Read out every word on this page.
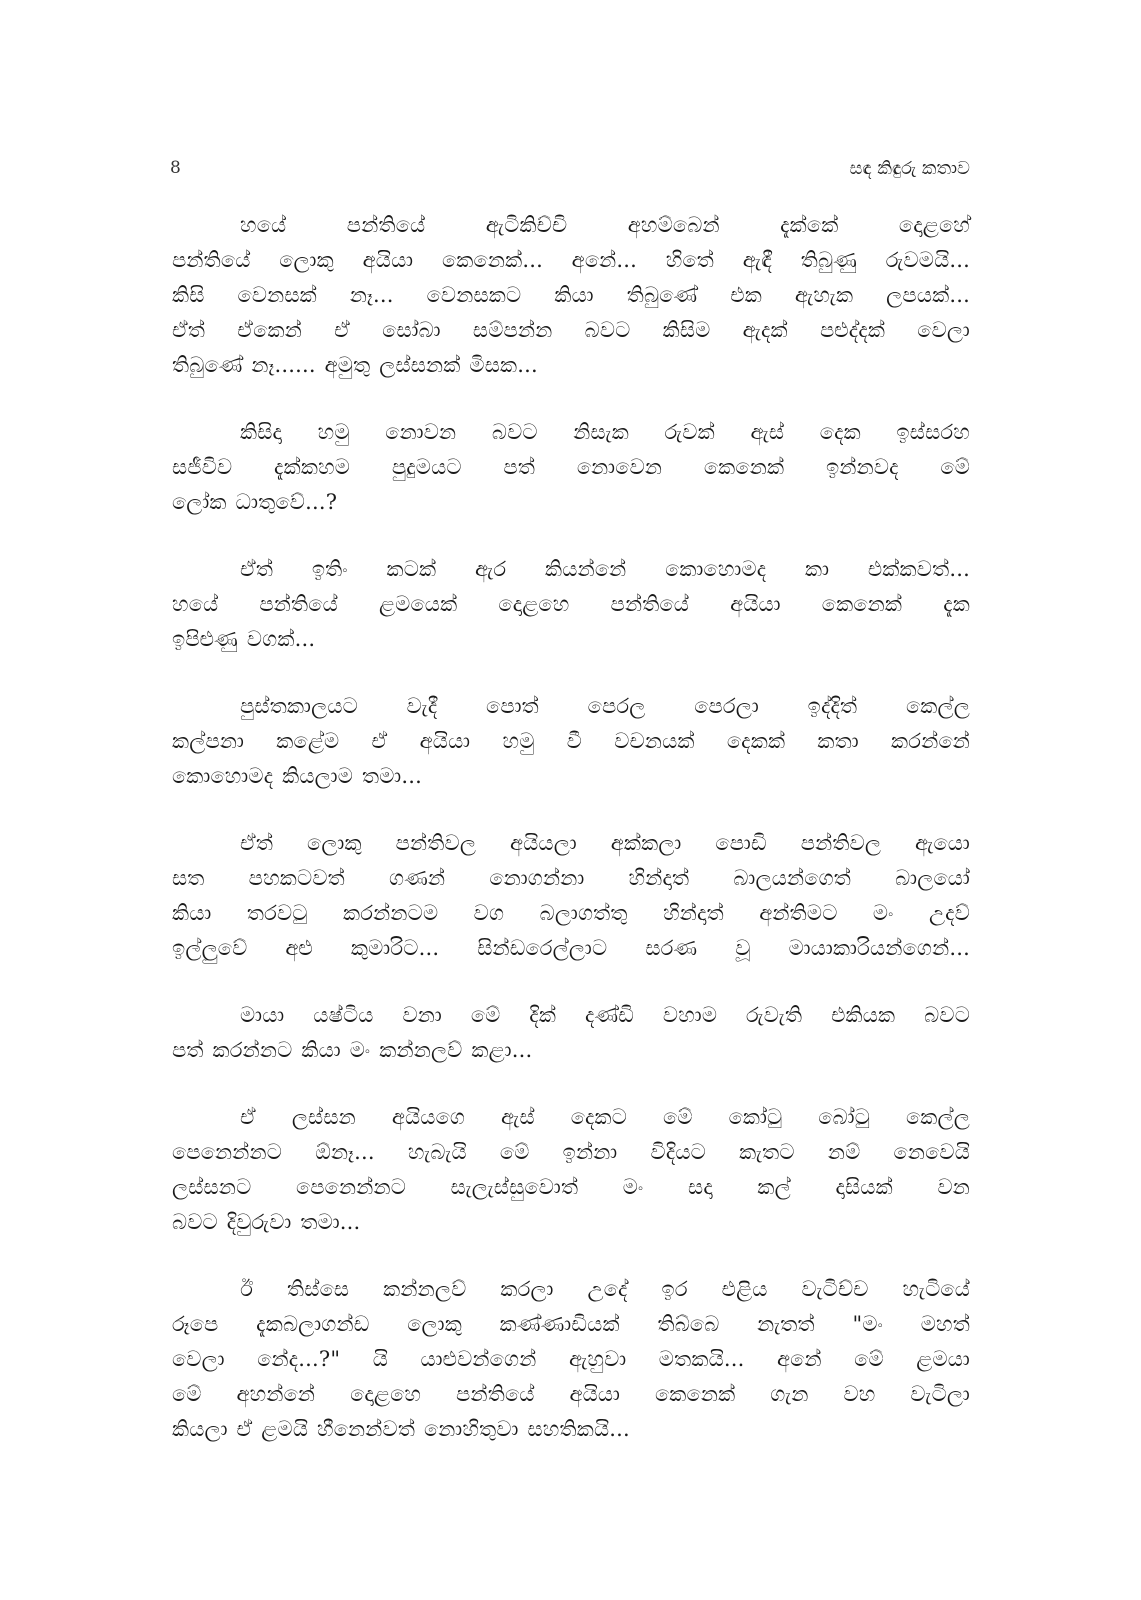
8	සඳ කිඳුරු කතාව
හයේ පන්තියේ ඇටිකිච්චි අහම්බෙන් දැක්කේ දොළහේ
පන්තියේ ලොකු අයියා කෙනෙක්... අනේ... හිතේ ඇඳී තිබුණු රුවමයි...
කිසි වෙනසක් නෑ... වෙනසකට කියා තිබුණේ එක ඇහැක ලපයක්...
ඒත් ඒකෙන් ඒ සෝබා සම්පන්න බවට කිසිම ඇදක් පළුද්දක් වෙලා
තිබුණේ නෑ...... අමුතු ලස්සනක් මිසක...
කිසිදා හමු නොවන බවට නිසැක රුවක් ඇස් දෙක ඉස්සරහ
සජීවිව දැක්කහම පුදුමයට පත් නොවෙන කෙනෙක් ඉන්නවද මේ
ලෝක ධාතුවේ...?
ඒත් ඉතිං කටක් ඇර කියන්නේ කොහොමද කා එක්කවත්...
හයේ පන්තියේ ළමයෙක් දොළහෙ පන්තියේ අයියා කෙනෙක් දැක
ඉපිළුණු වගක්...
පුස්තකාලයට වැදී පොත් පෙරල පෙරලා ඉද්දිත් කෙල්ල
කල්පනා කළේම ඒ අයියා හමු වී වචනයක් දෙකක් කතා කරන්නේ
කොහොමද කියලාම තමා...
ඒත් ලොකු පන්තිවල අයියලා අක්කලා පොඩි පන්තිවල ඇයො
සත පහකටවත් ගණන් නොගන්නා හින්දාත් බාලයන්ගෙත් බාලයෝ
කියා තරවටු කරන්නටම වග බලාගත්තු හින්දාත් අන්තිමට මං උදව්
ඉල්ලුවේ අළු කුමාරිට... සින්ඩරෙල්ලාට සරණ වූ මායාකාරියන්ගෙන්...
මායා යෂ්ටිය වනා මේ දික් දණ්ඩි වහාම රුවැති එකියක බවට
පත් කරන්නට කියා මං කන්නලව් කළා...
ඒ ලස්සන අයියගෙ ඇස් දෙකට මේ කෝටු බෝටු කෙල්ල
පෙනෙන්නට ඕනෑ... හැබැයි මේ ඉන්නා විදියට කැතට නම් නෙවෙයි
ලස්සනට පෙනෙන්නට සැලැස්සුවොත් මං සදා කල් දාසියක් වන
බවට දිවුරුවා තමා...
ඊ තිස්සෙ කන්නලව් කරලා උදේ ඉර එළිය වැටිච්ච හැටියේ
රූපෙ දැකබලාගන්ඩ ලොකු කණ්ණාඩියක් තිබ්බෙ නැතත් "මං මහත්
වෙලා නේද...?" යි යාළුවන්ගෙන් ඇහුවා මතකයි... අනේ මේ ළමයා
මේ අහන්නේ දොළහෙ පන්තියේ අයියා කෙනෙක් ගැන වහ වැටිලා
කියලා ඒ ළමයි හීනෙන්වත් නොහිතුවා සහතිකයි...
